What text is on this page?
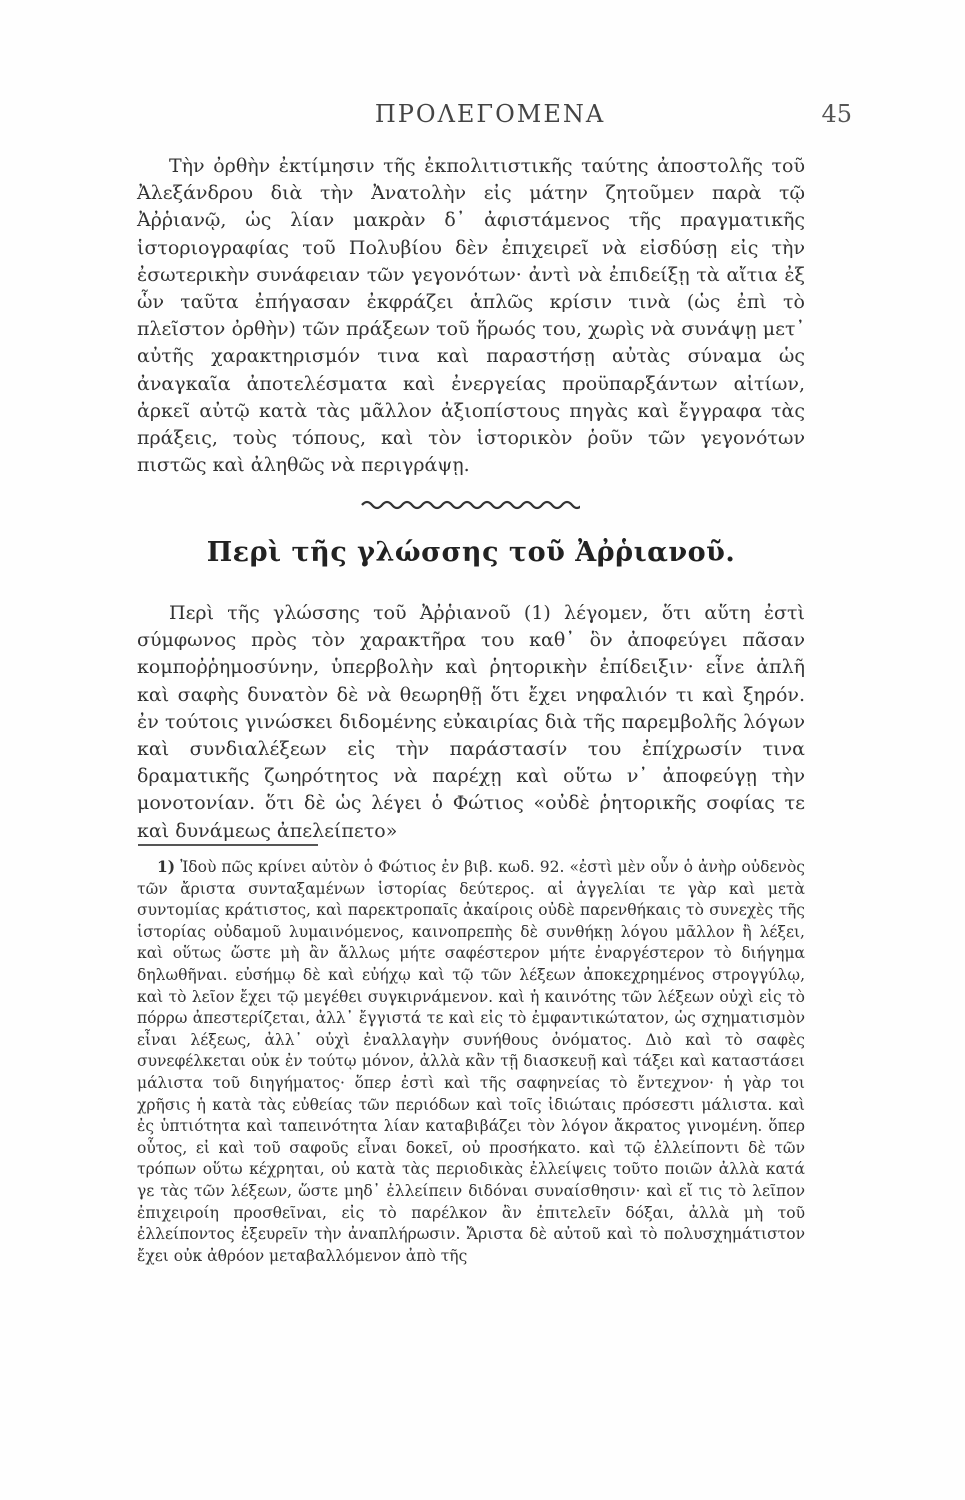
ΠΡΟΛΕΓΟΜΕΝΑ	45

Τὴν ὀρθὴν ἐκτίμησιν τῆς ἐκπολιτιστικῆς ταύτης ἀποστολῆς τοῦ Ἀλεξάνδρου διὰ τὴν Ἀνατολὴν εἰς μάτην ζητοῦμεν παρὰ τῷ Ἀῤῥιανῷ, ὡς λίαν μακρὰν δ᾽ ἀφιστάμενος τῆς πραγματικῆς ἱστοριογραφίας τοῦ Πολυβίου δὲν ἐπιχειρεῖ νὰ εἰσδύσῃ εἰς τὴν ἐσωτερικὴν συνάφειαν τῶν γεγονότων· ἀντὶ νὰ ἐπιδείξῃ τὰ αἴτια ἐξ ὧν ταῦτα ἐπήγασαν ἐκφράζει ἁπλῶς κρίσιν τινὰ (ὡς ἐπὶ τὸ πλεῖστον ὀρθὴν) τῶν πράξεων τοῦ ἥρωός του, χωρὶς νὰ συνάψῃ μετ᾽ αὐτῆς χαρακτηρισμόν τινα καὶ παραστήσῃ αὐτὰς σύναμα ὡς ἀναγκαῖα ἀποτελέσματα καὶ ἐνεργείας προϋπαρξάντων αἰτίων, ἀρκεῖ αὐτῷ κατὰ τὰς μᾶλλον ἀξιοπίστους πηγὰς καὶ ἔγγραφα τὰς πράξεις, τοὺς τόπους, καὶ τὸν ἱστορικὸν ῥοῦν τῶν γεγονότων πιστῶς καὶ ἀληθῶς νὰ περιγράψῃ.

Περὶ τῆς γλώσσης τοῦ Ἀῤῥιανοῦ.

Περὶ τῆς γλώσσης τοῦ Ἀῤῥιανοῦ (1) λέγομεν, ὅτι αὕτη ἐστὶ σύμφωνος πρὸς τὸν χαρακτῆρα του καθ᾽ ὃν ἀποφεύγει πᾶσαν κομποῤῥημοσύνην, ὑπερβολὴν καὶ ῥητορικὴν ἐπίδειξιν· εἶνε ἁπλῆ καὶ σαφὴς δυνατὸν δὲ νὰ θεωρηθῇ ὅτι ἔχει νηφαλιόν τι καὶ ξηρόν. ἐν τούτοις γινώσκει διδομένης εὐκαιρίας διὰ τῆς παρεμβολῆς λόγων καὶ συνδιαλέξεων εἰς τὴν παράστασίν του ἐπίχρωσίν τινα δραματικῆς ζωηρότητος νὰ παρέχῃ καὶ οὕτω ν᾽ ἀποφεύγῃ τὴν μονοτονίαν. ὅτι δὲ ὡς λέγει ὁ Φώτιος «οὐδὲ ῥητορικῆς σοφίας τε καὶ δυνάμεως ἀπελείπετο»

1) Ἰδοὺ πῶς κρίνει αὐτὸν ὁ Φώτιος ἐν βιβ. κωδ. 92. «ἐστὶ μὲν οὖν ὁ ἀνὴρ οὐδενὸς τῶν ἄριστα συνταξαμένων ἱστορίας δεύτερος. αἱ ἀγγελίαι τε γὰρ καὶ μετὰ συντομίας κράτιστος, καὶ παρεκτροπαῖς ἀκαίροις οὐδὲ παρενθήκαις τὸ συνεχὲς τῆς ἱστορίας οὐδαμοῦ λυμαινόμενος, καινοπρεπὴς δὲ συνθήκῃ λόγου μᾶλλον ἢ λέξει, καὶ οὕτως ὥστε μὴ ἂν ἄλλως μήτε σαφέστερον μήτε ἐναργέστερον τὸ διήγημα δηλωθῆναι. εὐσήμῳ δὲ καὶ εὐήχῳ καὶ τῷ τῶν λέξεων ἀποκεχρημένος στρογγύλῳ, καὶ τὸ λεῖον ἔχει τῷ μεγέθει συγκιρνάμενον. καὶ ἡ καινότης τῶν λέξεων οὐχὶ εἰς τὸ πόρρω ἀπεστερίζεται, ἀλλ᾽ ἔγγιστά τε καὶ εἰς τὸ ἐμφαντικώτατον, ὡς σχηματισμὸν εἶναι λέξεως, ἀλλ᾽ οὐχὶ ἐναλλαγὴν συνήθους ὀνόματος. Διὸ καὶ τὸ σαφὲς συνεφέλκεται οὐκ ἐν τούτῳ μόνον, ἀλλὰ κἂν τῇ διασκευῇ καὶ τάξει καὶ καταστάσει μάλιστα τοῦ διηγήματος· ὅπερ ἐστὶ καὶ τῆς σαφηνείας τὸ ἔντεχνον· ἡ γὰρ τοι χρῆσις ἡ κατὰ τὰς εὐθείας τῶν περιόδων καὶ τοῖς ἰδιώταις πρόσεστι μάλιστα. καὶ ἐς ὑπτιότητα καὶ ταπεινότητα λίαν καταβιβάζει τὸν λόγον ἄκρατος γινομένη. ὅπερ οὗτος, εἰ καὶ τοῦ σαφοῦς εἶναι δοκεῖ, οὐ προσήκατο. καὶ τῷ ἐλλείποντι δὲ τῶν τρόπων οὕτω κέχρηται, οὐ κατὰ τὰς περιοδικὰς ἐλλείψεις τοῦτο ποιῶν ἀλλὰ κατά γε τὰς τῶν λέξεων, ὥστε μηδ᾽ ἐλλείπειν διδόναι συναίσθησιν· καὶ εἴ τις τὸ λεῖπον ἐπιχειροίη προσθεῖναι, εἰς τὸ παρέλκον ἂν ἐπιτελεῖν δόξαι, ἀλλὰ μὴ τοῦ ἐλλείποντος ἐξευρεῖν τὴν ἀναπλήρωσιν. Ἄριστα δὲ αὐτοῦ καὶ τὸ πολυσχημάτιστον ἔχει οὐκ ἀθρόον μεταβαλλόμενον ἀπὸ τῆς
